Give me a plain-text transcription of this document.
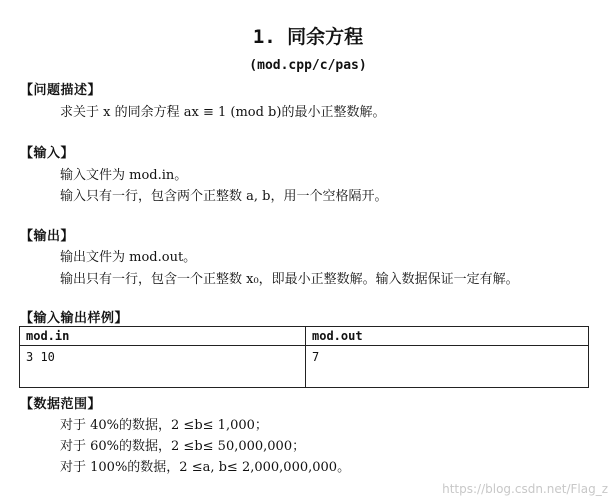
1. 同余方程
(mod.cpp/c/pas)
【问题描述】
求关于 x 的同余方程 ax ≡ 1 (mod b)的最小正整数解。
【输入】
输入文件为 mod.in。
输入只有一行，包含两个正整数 a, b，用一个空格隔开。
【输出】
输出文件为 mod.out。
输出只有一行，包含一个正整数 x₀，即最小正整数解。输入数据保证一定有解。
【输入输出样例】
mod.in	mod.out
3 10	7
【数据范围】
对于 40%的数据，2 ≤b≤ 1,000；
对于 60%的数据，2 ≤b≤ 50,000,000；
对于 100%的数据，2 ≤a, b≤ 2,000,000,000。
https://blog.csdn.net/Flag_z
